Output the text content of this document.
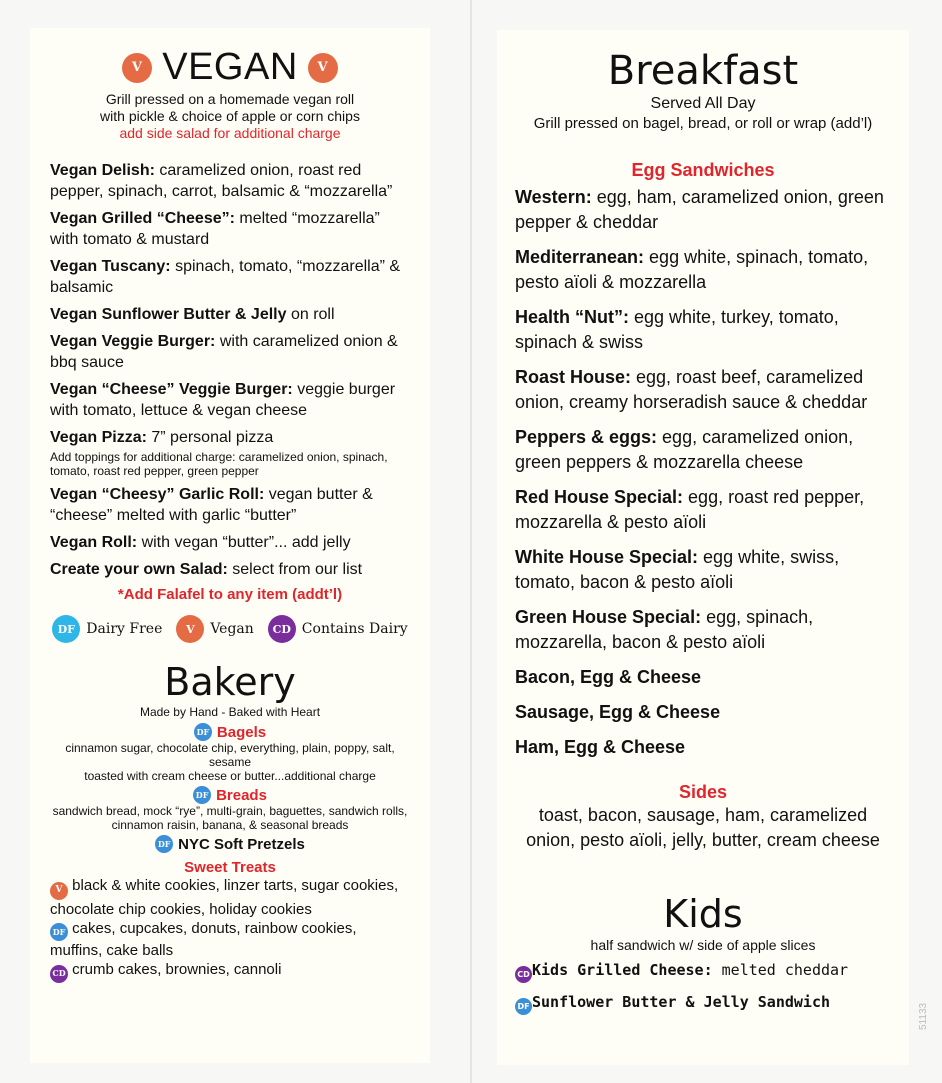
V VEGAN	V
Grill pressed on a homemade vegan roll
with pickle & choice of apple or corn chips
add side salad for additional charge
Vegan Delish: caramelized onion, roast red pepper, spinach, carrot, balsamic & “mozzarella”
Vegan Grilled “Cheese”: melted “mozzarella” with tomato & mustard
Vegan Tuscany: spinach, tomato, “mozzarella” & balsamic
Vegan Sunflower Butter & Jelly on roll
Vegan Veggie Burger: with caramelized onion & bbq sauce
Vegan “Cheese” Veggie Burger: veggie burger with tomato, lettuce & vegan cheese
Vegan Pizza: 7” personal pizza
Add toppings for additional charge: caramelized onion, spinach, tomato, roast red pepper, green pepper
Vegan “Cheesy” Garlic Roll: vegan butter & “cheese” melted with garlic “butter”
Vegan Roll: with vegan “butter”... add jelly
Create your own Salad: select from our list
*Add Falafel to any item (addt’l)
DF Dairy Free	V	Vegan	CD Contains Dairy
Bakery
Made by Hand - Baked with Heart
DF Bagels
cinnamon sugar, chocolate chip, everything, plain, poppy, salt, sesame
toasted with cream cheese or butter...additional charge
DF Breads
sandwich bread, mock “rye”, multi-grain, baguettes, sandwich rolls, cinnamon raisin, banana, & seasonal breads
DF NYC Soft Pretzels
Sweet Treats
V black & white cookies, linzer tarts, sugar cookies, chocolate chip cookies, holiday cookies
DF cakes, cupcakes, donuts, rainbow cookies, muffins, cake balls
CD crumb cakes, brownies, cannoli
Breakfast
Served All Day
Grill pressed on bagel, bread, or roll or wrap (add’l)
Egg Sandwiches
Western: egg, ham, caramelized onion, green pepper & cheddar
Mediterranean: egg white, spinach, tomato, pesto aïoli & mozzarella
Health “Nut”: egg white, turkey, tomato, spinach & swiss
Roast House: egg, roast beef, caramelized onion, creamy horseradish sauce & cheddar
Peppers & eggs: egg, caramelized onion, green peppers & mozzarella cheese
Red House Special: egg, roast red pepper, mozzarella & pesto aïoli
White House Special: egg white, swiss, tomato, bacon & pesto aïoli
Green House Special: egg, spinach, mozzarella, bacon & pesto aïoli
Bacon, Egg & Cheese
Sausage, Egg & Cheese
Ham, Egg & Cheese
Sides
toast, bacon, sausage, ham, caramelized onion, pesto aïoli, jelly, butter, cream cheese
Kids
half sandwich w/ side of apple slices
CD Kids Grilled Cheese: melted cheddar
DF Sunflower Butter & Jelly Sandwich
51133
